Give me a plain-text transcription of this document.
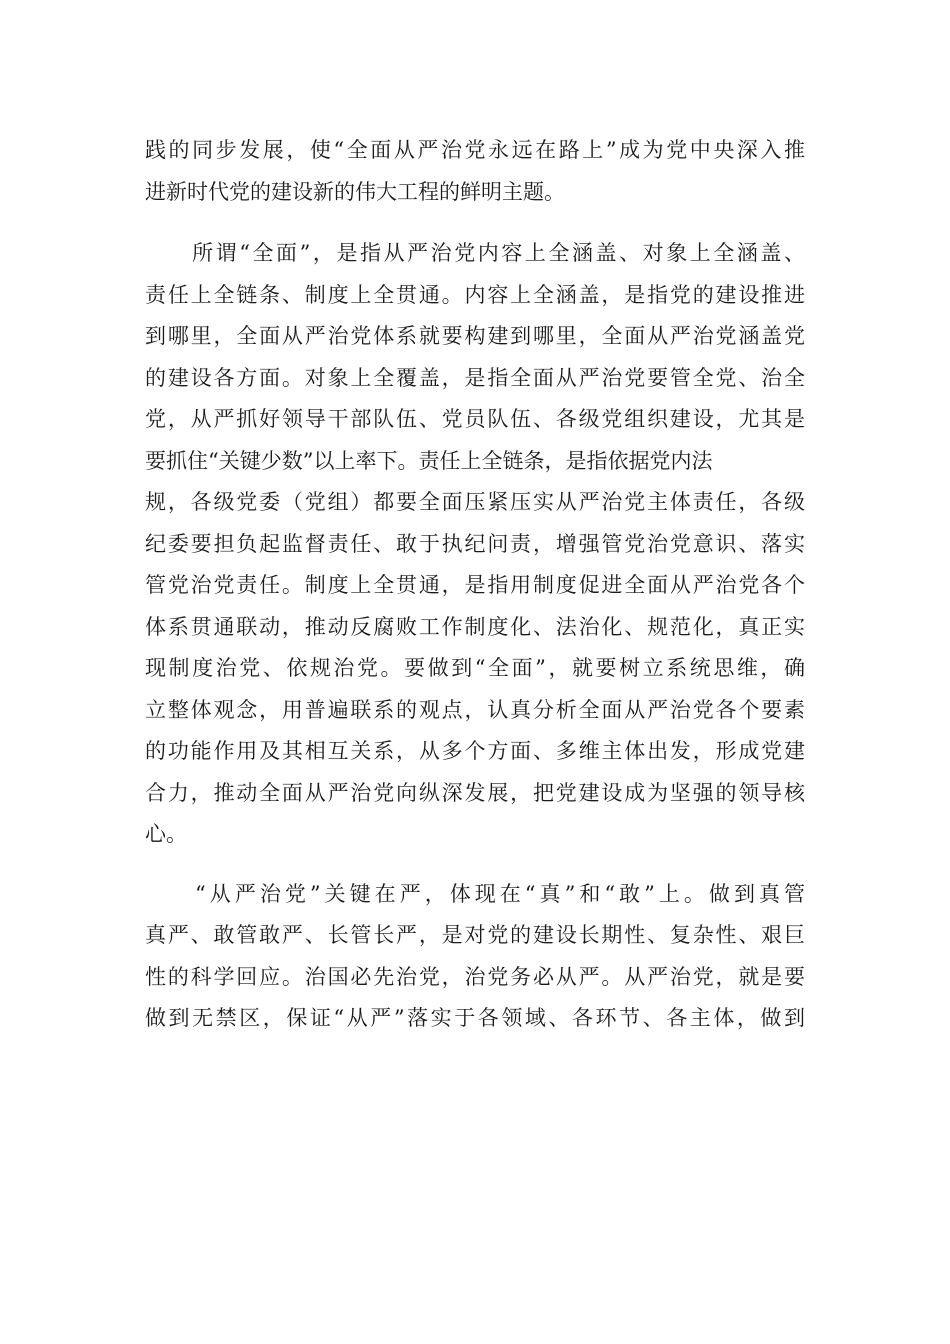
践的同步发展，使“全面从严治党永远在路上”成为党中央深入推
进新时代党的建设新的伟大工程的鲜明主题。
　　所谓“全面”，是指从严治党内容上全涵盖、对象上全涵盖、
责任上全链条、制度上全贯通。内容上全涵盖，是指党的建设推进
到哪里，全面从严治党体系就要构建到哪里，全面从严治党涵盖党
的建设各方面。对象上全覆盖，是指全面从严治党要管全党、治全
党，从严抓好领导干部队伍、党员队伍、各级党组织建设，尤其是
要抓住“关键少数”以上率下。责任上全链条，是指依据党内法
规，各级党委（党组）都要全面压紧压实从严治党主体责任，各级
纪委要担负起监督责任、敢于执纪问责，增强管党治党意识、落实
管党治党责任。制度上全贯通，是指用制度促进全面从严治党各个
体系贯通联动，推动反腐败工作制度化、法治化、规范化，真正实
现制度治党、依规治党。要做到“全面”，就要树立系统思维，确
立整体观念，用普遍联系的观点，认真分析全面从严治党各个要素
的功能作用及其相互关系，从多个方面、多维主体出发，形成党建
合力，推动全面从严治党向纵深发展，把党建设成为坚强的领导核
心。
　　“从严治党”关键在严，体现在“真”和“敢”上。做到真管
真严、敢管敢严、长管长严，是对党的建设长期性、复杂性、艰巨
性的科学回应。治国必先治党，治党务必从严。从严治党，就是要
做到无禁区，保证“从严”落实于各领域、各环节、各主体，做到
